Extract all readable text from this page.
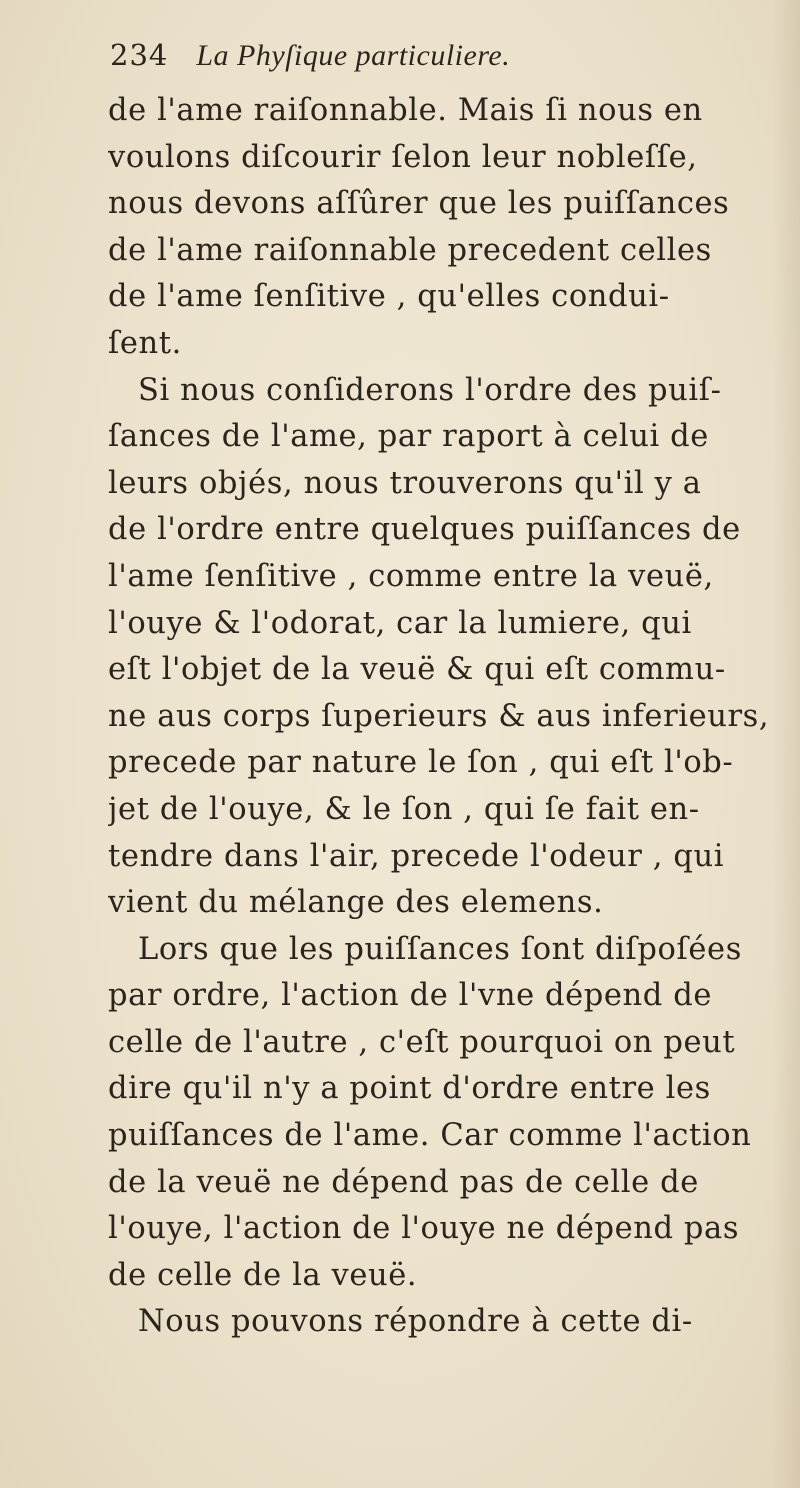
234 La Phyſique particuliere.
de l'ame raiſonnable. Mais ſi nous en
voulons diſcourir ſelon leur nobleſſe,
nous devons aſſûrer que les puiſſances
de l'ame raiſonnable precedent celles
de l'ame ſenſitive , qu'elles condui-
ſent.
Si nous conſiderons l'ordre des puiſ-
ſances de l'ame, par raport à celui de
leurs objés, nous trouverons qu'il y a
de l'ordre entre quelques puiſſances de
l'ame ſenſitive , comme entre la veuë,
l'ouye & l'odorat, car la lumiere, qui
eſt l'objet de la veuë & qui eſt commu-
ne aus corps ſuperieurs & aus inferieurs,
precede par nature le ſon , qui eſt l'ob-
jet de l'ouye, & le ſon , qui ſe fait en-
tendre dans l'air, precede l'odeur , qui
vient du mélange des elemens.
Lors que les puiſſances ſont diſpoſées
par ordre, l'action de l'vne dépend de
celle de l'autre , c'eſt pourquoi on peut
dire qu'il n'y a point d'ordre entre les
puiſſances de l'ame. Car comme l'action
de la veuë ne dépend pas de celle de
l'ouye, l'action de l'ouye ne dépend pas
de celle de la veuë.
Nous pouvons répondre à cette di-
